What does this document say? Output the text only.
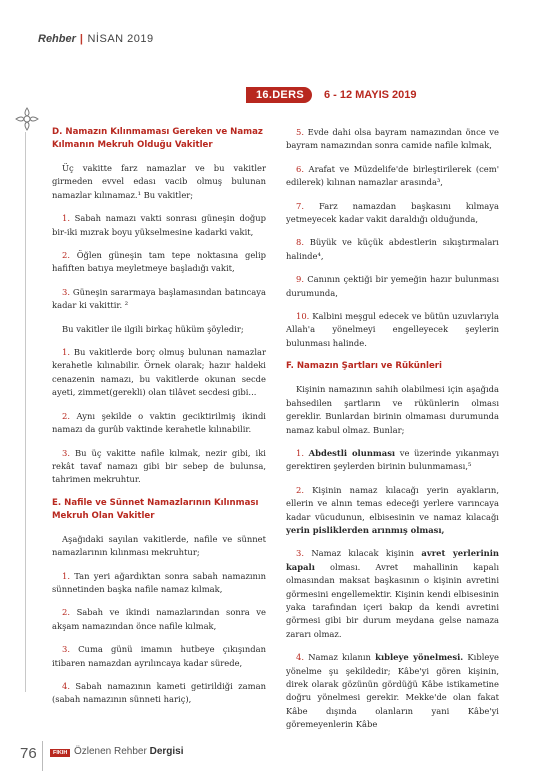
Rehber | NİSAN 2019
16.DERS	6 - 12 MAYIS 2019
D. Namazın Kılınmaması Gereken ve Namaz Kılmanın Mekruh Olduğu Vakitler

Üç vakitte farz namazlar ve bu vakitler girmeden evvel edası vacib olmuş bulunan namazlar kılınamaz.¹ Bu vakitler;

1. Sabah namazı vakti sonrası güneşin doğup bir-iki mızrak boyu yükselmesine kadarki vakit,

2. Öğlen güneşin tam tepe noktasına gelip hafiften batıya meyletmeye başladığı vakit,

3. Güneşin sararmaya başlamasından batıncaya kadar ki vakittir. ²

Bu vakitler ile ilgili birkaç hüküm şöyledir;

1. Bu vakitlerde borç olmuş bulunan namazlar kerahetle kılınabilir. Örnek olarak; hazır haldeki cenazenin namazı, bu vakitlerde okunan secde ayeti, zimmet(gerekli) olan tilâvet secdesi gibi...

2. Aynı şekilde o vaktin geciktirilmiş ikindi namazı da gurûb vaktinde kerahetle kılınabilir.

3. Bu üç vakitte nafile kılmak, nezir gibi, iki rekât tavaf namazı gibi bir sebep de bulunsa, tahrimen mekruhtur.

E. Nafile ve Sünnet Namazlarının Kılınması Mekruh Olan Vakitler

Aşağıdaki sayılan vakitlerde, nafile ve sünnet namazlarının kılınması mekruhtur;

1. Tan yeri ağardıktan sonra sabah namazının sünnetinden başka nafile namaz kılmak,

2. Sabah ve ikindi namazlarından sonra ve akşam namazından önce nafile kılmak,

3. Cuma günü imamın hutbeye çıkışından itibaren namazdan ayrılıncaya kadar sürede,

4. Sabah namazının kameti getirildiği zaman (sabah namazının sünneti hariç),

5. Evde dahi olsa bayram namazından önce ve bayram namazından sonra camide nafile kılmak,

6. Arafat ve Müzdelife'de birleştirilerek (cem' edilerek) kılınan namazlar arasında³,

7. Farz namazdan başkasını kılmaya yetmeyecek kadar vakit daraldığı olduğunda,

8. Büyük ve küçük abdestlerin sıkıştırmaları halinde⁴,

9. Canının çektiği bir yemeğin hazır bulunması durumunda,

10. Kalbini meşgul edecek ve bütün uzuvlarıyla Allah'a yönelmeyi engelleyecek şeylerin bulunması halinde.

F. Namazın Şartları ve Rükünleri

Kişinin namazının sahih olabilmesi için aşağıda bahsedilen şartların ve rükünlerin olması gereklir. Bunlardan birinin olmaması durumunda namaz kabul olmaz. Bunlar;

1. Abdestli olunması ve üzerinde yıkanmayı gerektiren şeylerden birinin bulunmaması,⁵

2. Kişinin namaz kılacağı yerin ayakların, ellerin ve alnın temas edeceği yerlere varıncaya kadar vücudunun, elbisesinin ve namaz kılacağı yerin pisliklerden arınmış olması,

3. Namaz kılacak kişinin avret yerlerinin kapalı olması. Avret mahallinin kapalı olmasından maksat başkasının o kişinin avretini görmesini engellemektir. Kişinin kendi elbisesinin yaka tarafından içeri bakıp da kendi avretini görmesi gibi bir durum meydana gelse namaza zararı olmaz.

4. Namaz kılanın kıbleye yönelmesi. Kıbleye yönelme şu şekildedir; Kâbe'yi gören kişinin, direk olarak gözünün gördüğü Kâbe istikametine doğru yönelmesi gerekir. Mekke'de olan fakat Kâbe dışında olanların yani Kâbe'yi göremeyenlerin Kâbe

76	FIKIH Özlenen Rehber Dergisi
